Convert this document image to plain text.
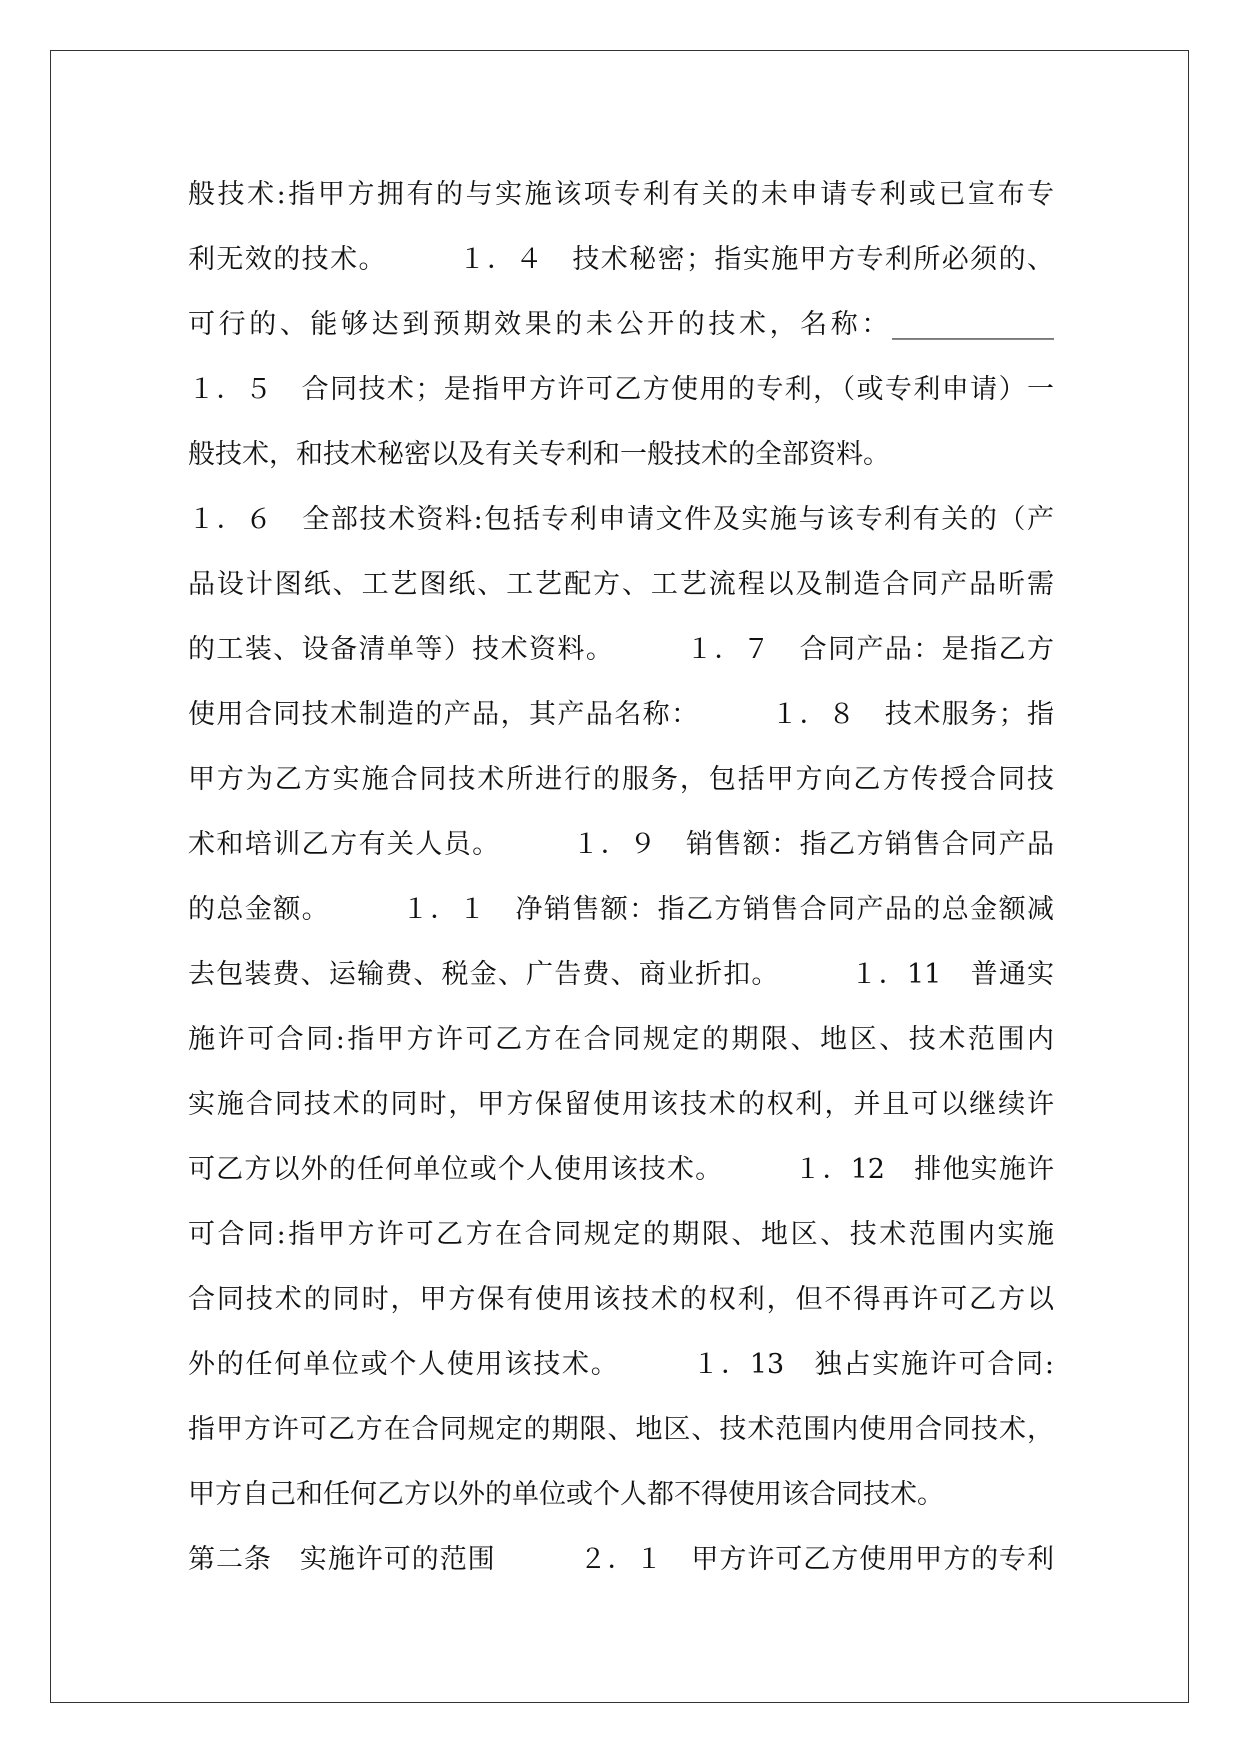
般技术:指甲方拥有的与实施该项专利有关的未申请专利或已宣布专
利无效的技术。　　　１．４　技术秘密；指实施甲方专利所必须的、
可行的、能够达到预期效果的未公开的技术，名称：____________
１．５　合同技术；是指甲方许可乙方使用的专利，（或专利申请）一
般技术，和技术秘密以及有关专利和一般技术的全部资料。
１．６　全部技术资料:包括专利申请文件及实施与该专利有关的（产
品设计图纸、工艺图纸、工艺配方、工艺流程以及制造合同产品昕需
的工装、设备清单等）技术资料。　　　１．７　合同产品：是指乙方
使用合同技术制造的产品，其产品名称：　　　１．８　技术服务；指
甲方为乙方实施合同技术所进行的服务，包括甲方向乙方传授合同技
术和培训乙方有关人员。　　　１．９　销售额：指乙方销售合同产品
的总金额。　　　１．１　净销售额：指乙方销售合同产品的总金额减
去包装费、运输费、税金、广告费、商业折扣。　　　１．11　普通实
施许可合同:指甲方许可乙方在合同规定的期限、地区、技术范围内
实施合同技术的同时，甲方保留使用该技术的权利，并且可以继续许
可乙方以外的任何单位或个人使用该技术。　　　１．12　排他实施许
可合同:指甲方许可乙方在合同规定的期限、地区、技术范围内实施
合同技术的同时，甲方保有使用该技术的权利，但不得再许可乙方以
外的任何单位或个人使用该技术。　　　１．13　独占实施许可合同:
指甲方许可乙方在合同规定的期限、地区、技术范围内使用合同技术，
甲方自己和任何乙方以外的单位或个人都不得使用该合同技术。
第二条　实施许可的范围　　　２．１　甲方许可乙方使用甲方的专利
